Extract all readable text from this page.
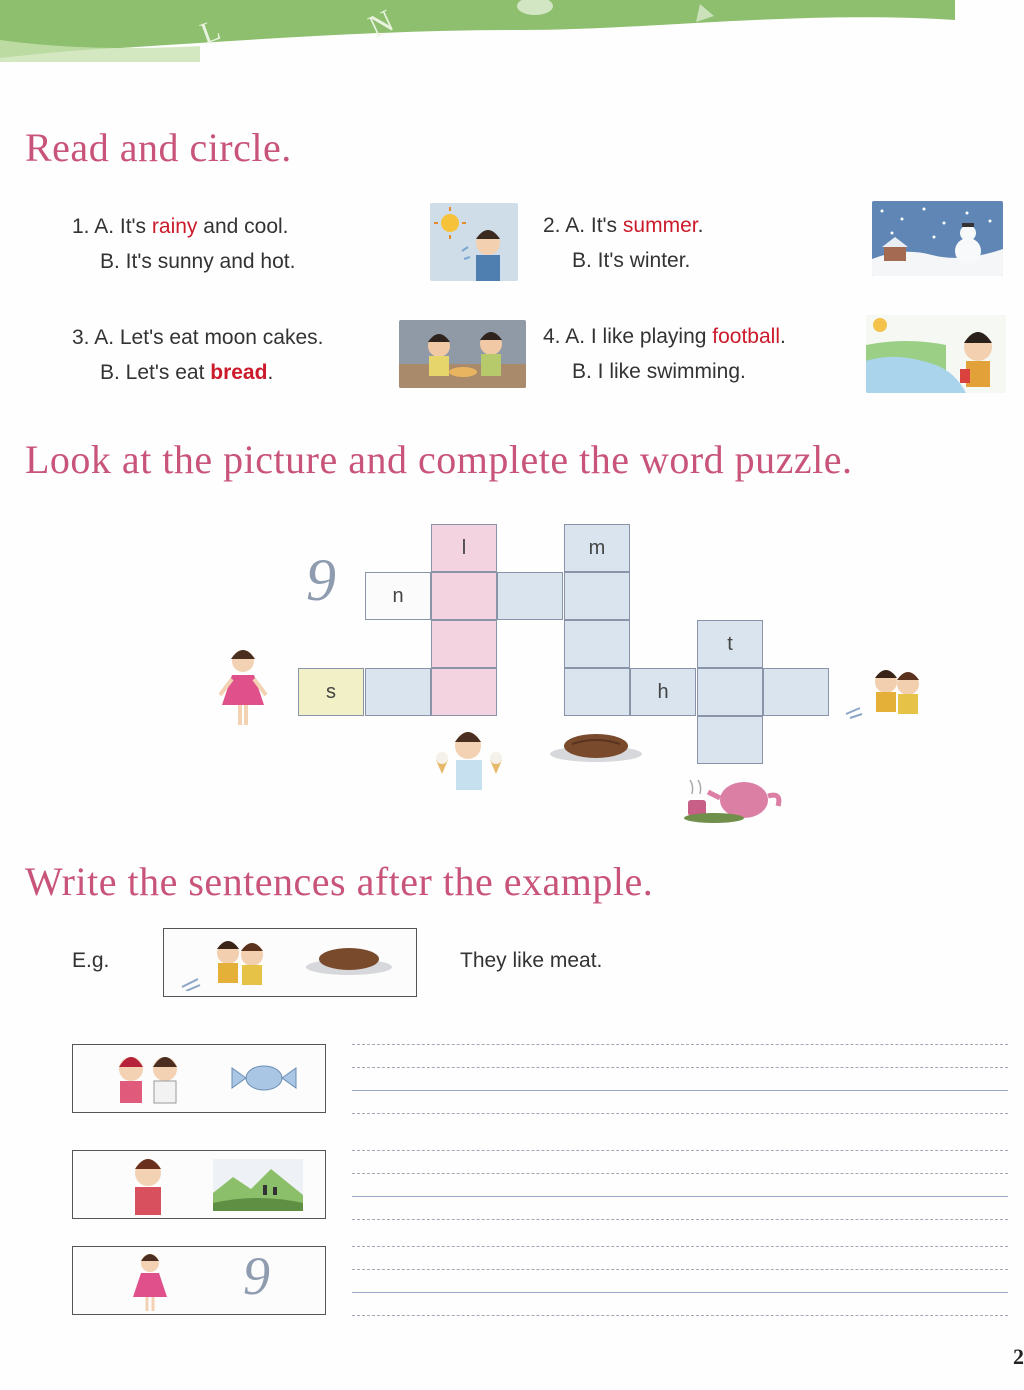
L	N
Read and circle.
1. A. It's rainy and cool.
B. It's sunny and hot.
2. A. It's summer.
B. It's winter.
3. A. Let's eat moon cakes.
B. Let's eat bread.
4. A. I like playing football.
B. I like swimming.
Look at the picture and complete the word puzzle.
l	m
n
s	h
t
9
Write the sentences after the example.
E.g.	They like meat.
9
2
